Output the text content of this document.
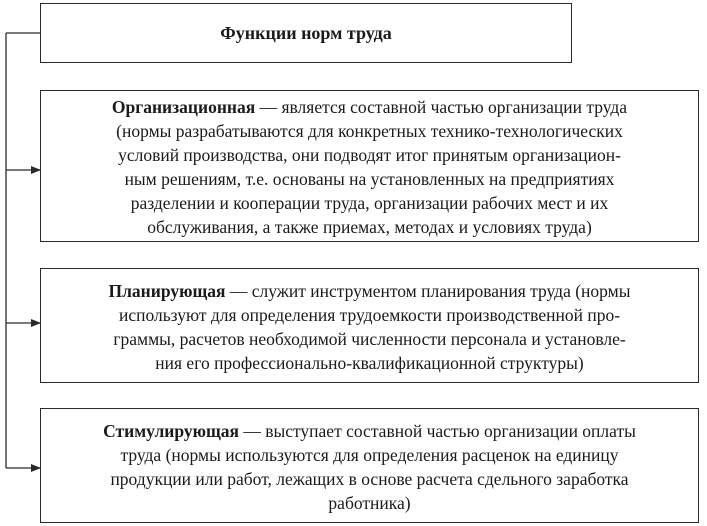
Функции норм труда
Организационная — является составной частью организации труда
(нормы разрабатываются для конкретных технико-технологических
условий производства, они подводят итог принятым организацион-
ным решениям, т.е. основаны на установленных на предприятиях
разделении и кооперации труда, организации рабочих мест и их
обслуживания, а также приемах, методах и условиях труда)
Планирующая — служит инструментом планирования труда (нормы
используют для определения трудоемкости производственной про-
граммы, расчетов необходимой численности персонала и установле-
ния его профессионально-квалификационной структуры)
Стимулирующая — выступает составной частью организации оплаты
труда (нормы используются для определения расценок на единицу
продукции или работ, лежащих в основе расчета сдельного заработка
работника)
